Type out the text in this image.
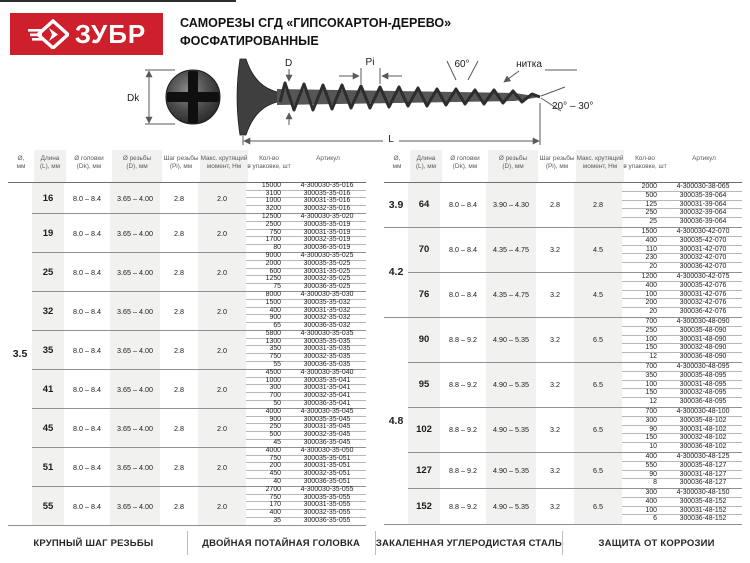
ЗУБР	САМОРЕЗЫ СГД «ГИПСОКАРТОН-ДЕРЕВО»
ФОСФАТИРОВАННЫЕ
Dk
D	Pi	60°	нитка
20° – 30°
L
Ø,
мм
Длина
(L), мм
Ø головки
(Dk), мм
Ø резьбы
(D), мм
Шаг резьбы
(Pi), мм
Макс. крутящий
момент, Нм
Кол-во
в упаковке, шт
Артикул
3.5
16	8.0 – 8.4	3.65 – 4.00	2.8	2.0
15000	4-300030-35-016
3100	300035-35-016
1000	300031-35-016
3200	300032-35-016
19	8.0 – 8.4	3.65 – 4.00	2.8	2.0
12500	4-300030-35-020
2500	300035-35-019
750	300031-35-019
1700	300032-35-019
80	300036-35-019
25	8.0 – 8.4	3.65 – 4.00	2.8	2.0
9000	4-300030-35-025
2000	300035-35-025
600	300031-35-025
1250	300032-35-025
75	300036-35-025
32	8.0 – 8.4	3.65 – 4.00	2.8	2.0
8000	4-300030-35-030
1500	300035-35-032
400	300031-35-032
900	300032-35-032
65	300036-35-032
35	8.0 – 8.4	3.65 – 4.00	2.8	2.0
5800	4-300030-35-035
1300	300035-35-035
350	300031-35-035
750	300032-35-035
55	300036-35-035
41	8.0 – 8.4	3.65 – 4.00	2.8	2.0
4500	4-300030-35-040
1000	300035-35-041
300	300031-35-041
700	300032-35-041
50	300036-35-041
45	8.0 – 8.4	3.65 – 4.00	2.8	2.0
4000	4-300030-35-045
900	300035-35-045
250	300031-35-045
500	300032-35-045
45	300036-35-045
51	8.0 – 8.4	3.65 – 4.00	2.8	2.0
4000	4-300030-35-050
750	300035-35-051
200	300031-35-051
450	300032-35-051
40	300036-35-051
55	8.0 – 8.4	3.65 – 4.00	2.8	2.0
2700	4-300030-35-055
750	300035-35-055
170	300031-35-055
400	300032-35-055
35	300036-35-055
Ø,
мм
Длина
(L), мм
Ø головки
(Dk), мм
Ø резьбы
(D), мм
Шаг резьбы
(Pi), мм
Макс. крутящий
момент, Нм
Кол-во
в упаковке, шт
Артикул
3.9	64	8.0 – 8.4	3.90 – 4.30	2.8	2.8
2000	4-300030-38-065
500	300035-39-064
125	300031-39-064
250	300032-39-064
25	300036-39-064
4.2
70	8.0 – 8.4	4.35 – 4.75	3.2	4.5
1500	4-300030-42-070
400	300035-42-070
110	300031-42-070
230	300032-42-070
20	300036-42-070
76	8.0 – 8.4	4.35 – 4.75	3.2	4.5
1200	4-300030-42-075
400	300035-42-076
100	300031-42-076
200	300032-42-076
20	300036-42-076
4.8
90	8.8 – 9.2	4.90 – 5.35	3.2	6.5
700	4-300030-48-090
250	300035-48-090
100	300031-48-090
150	300032-48-090
12	300036-48-090
95	8.8 – 9.2	4.90 – 5.35	3.2	6.5
700	4-300030-48-095
350	300035-48-095
100	300031-48-095
150	300032-48-095
12	300036-48-095
102	8.8 – 9.2	4.90 – 5.35	3.2	6.5
700	4-300030-48-100
300	300035-48-102
90	300031-48-102
150	300032-48-102
10	300036-48-102
127	8.8 – 9.2	4.90 – 5.35	3.2	6.5
400	4-300030-48-125
550	300035-48-127
90	300031-48-127
8	300036-48-127
152	8.8 – 9.2	4.90 – 5.35	3.2	6.5
300	4-300030-48-150
400	300035-48-152
100	300031-48-152
6	300036-48-152
КРУПНЫЙ ШАГ РЕЗЬБЫ	ДВОЙНАЯ ПОТАЙНАЯ ГОЛОВКА	ЗАКАЛЕННАЯ УГЛЕРОДИСТАЯ СТАЛЬ	ЗАЩИТА ОТ КОРРОЗИИ
